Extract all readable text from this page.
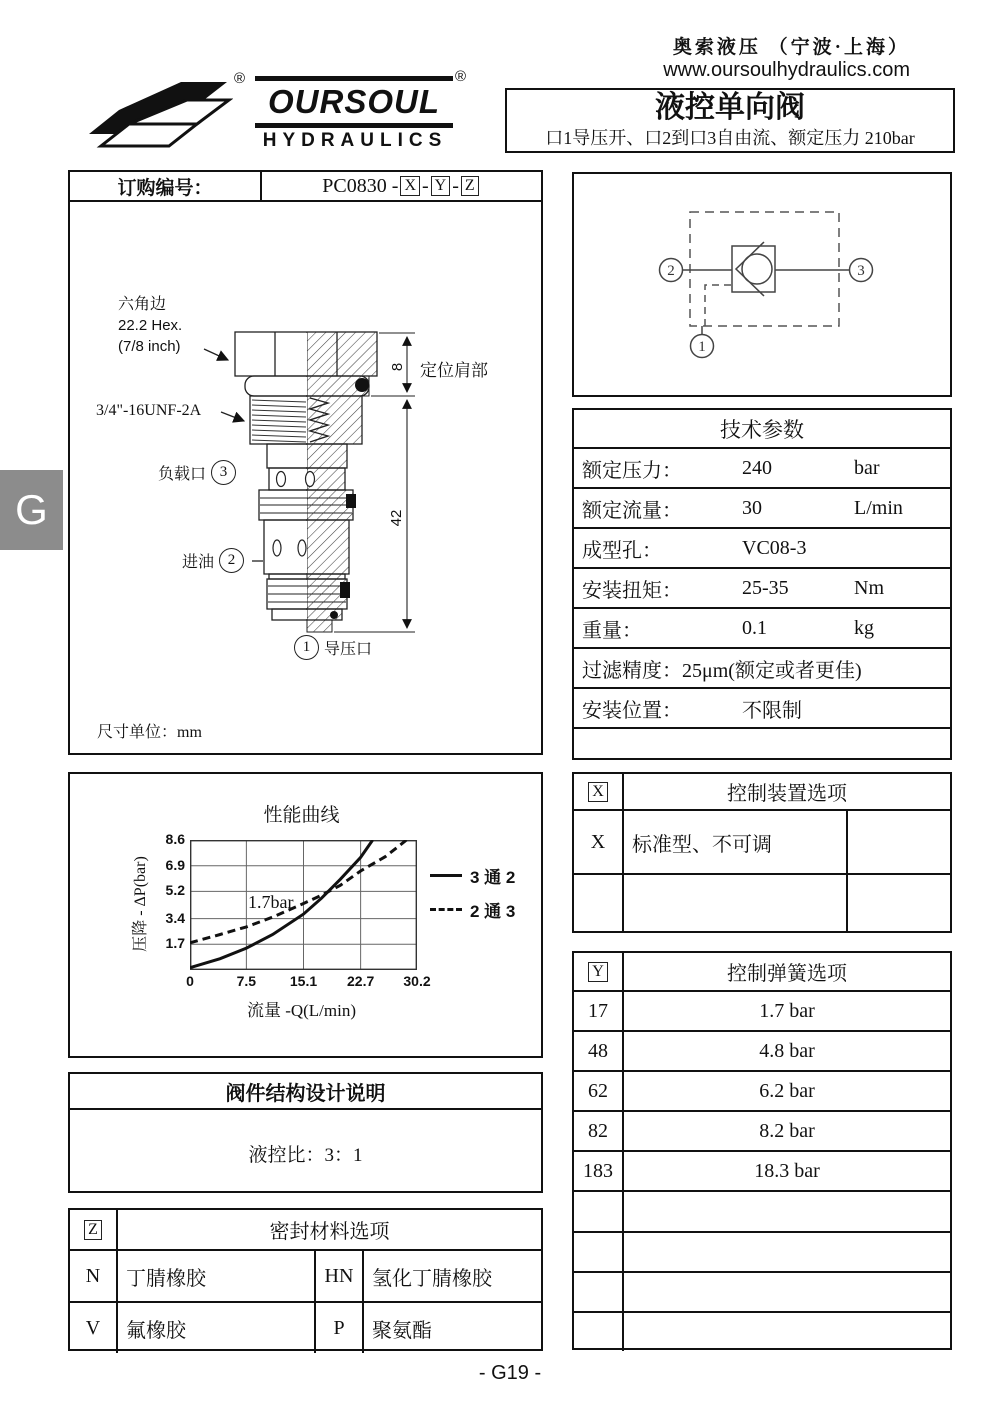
®
OURSOUL
®
HYDRAULICS
奥索液压 （宁波·上海）
www.oursoulhydraulics.com
液控单向阀
口1导压开、口2到口3自由流、额定压力 210bar
订购编号：	PC0830
- X - Y - Z
8
42
六角边
22.2 Hex.
(7/8 inch)
3/4"-16UNF-2A
负载口 3
进油 2
1 导压口
定位肩部
尺寸单位：mm
2	3
1
技术参数
额定压力：	240	bar
额定流量：	30	L/min
成型孔：	VC08-3
安装扭矩：	25-35	Nm
重量：	0.1	kg
过滤精度： 25μm(额定或者更佳)
安装位置：	不限制
性能曲线
1.7
3.4
5.2
6.9
8.6
0	7.5	15.1 22.7 30.2
压降 - ΔP(bar)
流量 -Q(L/min)
1.7bar
3 通 2
2 通 3
X	控制装置选项
X	标准型、不可调
Y	控制弹簧选项
17	1.7 bar
48	4.8 bar
62	6.2 bar
82	8.2 bar
183	18.3 bar
阀件结构设计说明
液控比：3：1
Z	密封材料选项
N	丁腈橡胶	HN 氢化丁腈橡胶
V	氟橡胶	P	聚氨酯
G
- G19 -
